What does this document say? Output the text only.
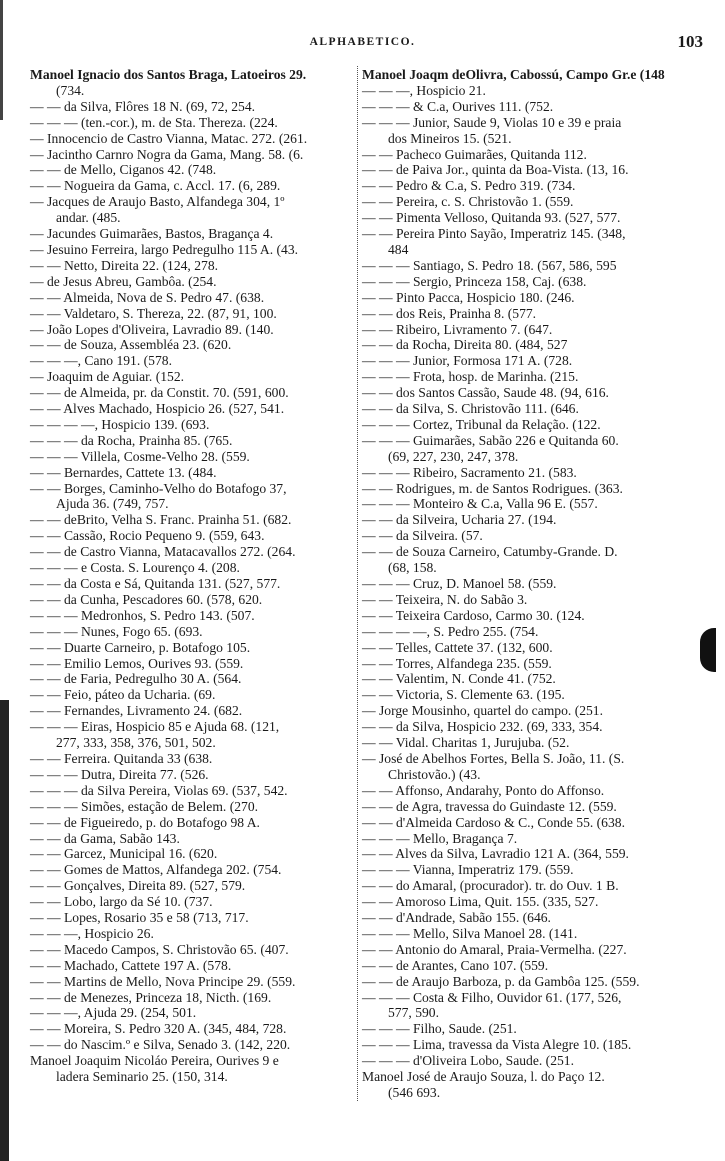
ALPHABETICO.	103
Manoel Ignacio dos Santos Braga, Latoeiros 29.
(734.
— — da Silva, Flôres 18 N. (69, 72, 254.
— — — (ten.-cor.), m. de Sta. Thereza. (224.
— Innocencio de Castro Vianna, Matac. 272. (261.
— Jacintho Carnro Nogra da Gama, Mang. 58. (6.
— — de Mello, Ciganos 42. (748.
— — Nogueira da Gama, c. Accl. 17. (6, 289.
— Jacques de Araujo Basto, Alfandega 304, 1º
andar. (485.
— Jacundes Guimarães, Bastos, Bragança 4.
— Jesuino Ferreira, largo Pedregulho 115 A. (43.
— — Netto, Direita 22. (124, 278.
— de Jesus Abreu, Gambôa. (254.
— — Almeida, Nova de S. Pedro 47. (638.
— — Valdetaro, S. Thereza, 22. (87, 91, 100.
— João Lopes d'Oliveira, Lavradio 89. (140.
— — de Souza, Assembléa 23. (620.
— — —, Cano 191. (578.
— Joaquim de Aguiar. (152.
— — de Almeida, pr. da Constit. 70. (591, 600.
— — Alves Machado, Hospicio 26. (527, 541.
— — — —, Hospicio 139. (693.
— — — da Rocha, Prainha 85. (765.
— — — Villela, Cosme-Velho 28. (559.
— — Bernardes, Cattete 13. (484.
— — Borges, Caminho-Velho do Botafogo 37,
Ajuda 36. (749, 757.
— — deBrito, Velha S. Franc. Prainha 51. (682.
— — Cassão, Rocio Pequeno 9. (559, 643.
— — de Castro Vianna, Matacavallos 272. (264.
— — — e Costa. S. Lourenço 4. (208.
— — da Costa e Sá, Quitanda 131. (527, 577.
— — da Cunha, Pescadores 60. (578, 620.
— — — Medronhos, S. Pedro 143. (507.
— — — Nunes, Fogo 65. (693.
— — Duarte Carneiro, p. Botafogo 105.
— — Emilio Lemos, Ourives 93. (559.
— — de Faria, Pedregulho 30 A. (564.
— — Feio, páteo da Ucharia. (69.
— — Fernandes, Livramento 24. (682.
— — — Eiras, Hospicio 85 e Ajuda 68. (121,
277, 333, 358, 376, 501, 502.
— — Ferreira. Quitanda 33 (638.
— — — Dutra, Direita 77. (526.
— — — da Silva Pereira, Violas 69. (537, 542.
— — — Simões, estação de Belem. (270.
— — de Figueiredo, p. do Botafogo 98 A.
— — da Gama, Sabão 143.
— — Garcez, Municipal 16. (620.
— — Gomes de Mattos, Alfandega 202. (754.
— — Gonçalves, Direita 89. (527, 579.
— — Lobo, largo da Sé 10. (737.
— — Lopes, Rosario 35 e 58 (713, 717.
— — —, Hospicio 26.
— — Macedo Campos, S. Christovão 65. (407.
— — Machado, Cattete 197 A. (578.
— — Martins de Mello, Nova Principe 29. (559.
— — de Menezes, Princeza 18, Nicth. (169.
— — —, Ajuda 29. (254, 501.
— — Moreira, S. Pedro 320 A. (345, 484, 728.
— — do Nascim.º e Silva, Senado 3. (142, 220.
Manoel Joaquim Nicoláo Pereira, Ourives 9 e
ladera Seminario 25. (150, 314.
Manoel Joaqm deOlivra, Cabossú, Campo Gr.e (148
— — —, Hospicio 21.
— — — & C.a, Ourives 111. (752.
— — — Junior, Saude 9, Violas 10 e 39 e praia
dos Mineiros 15. (521.
— — Pacheco Guimarães, Quitanda 112.
— — de Paiva Jor., quinta da Boa-Vista. (13, 16.
— — Pedro & C.a, S. Pedro 319. (734.
— — Pereira, c. S. Christovão 1. (559.
— — Pimenta Velloso, Quitanda 93. (527, 577.
— — Pereira Pinto Sayão, Imperatriz 145. (348,
484
— — — Santiago, S. Pedro 18. (567, 586, 595
— — — Sergio, Princeza 158, Caj. (638.
— — Pinto Pacca, Hospicio 180. (246.
— — dos Reis, Prainha 8. (577.
— — Ribeiro, Livramento 7. (647.
— — da Rocha, Direita 80. (484, 527
— — — Junior, Formosa 171 A. (728.
— — — Frota, hosp. de Marinha. (215.
— — dos Santos Cassão, Saude 48. (94, 616.
— — da Silva, S. Christovão 111. (646.
— — — Cortez, Tribunal da Relação. (122.
— — — Guimarães, Sabão 226 e Quitanda 60.
(69, 227, 230, 247, 378.
— — — Ribeiro, Sacramento 21. (583.
— — Rodrigues, m. de Santos Rodrigues. (363.
— — — Monteiro & C.a, Valla 96 E. (557.
— — da Silveira, Ucharia 27. (194.
— — da Silveira. (57.
— — de Souza Carneiro, Catumby-Grande. D.
(68, 158.
— — — Cruz, D. Manoel 58. (559.
— — Teixeira, N. do Sabão 3.
— — Teixeira Cardoso, Carmo 30. (124.
— — — —, S. Pedro 255. (754.
— — Telles, Cattete 37. (132, 600.
— — Torres, Alfandega 235. (559.
— — Valentim, N. Conde 41. (752.
— — Victoria, S. Clemente 63. (195.
— Jorge Mousinho, quartel do campo. (251.
— — da Silva, Hospicio 232. (69, 333, 354.
— — Vidal. Charitas 1, Jurujuba. (52.
— José de Abelhos Fortes, Bella S. João, 11. (S.
Christovão.) (43.
— — Affonso, Andarahy, Ponto do Affonso.
— — de Agra, travessa do Guindaste 12. (559.
— — d'Almeida Cardoso & C., Conde 55. (638.
— — — Mello, Bragança 7.
— — Alves da Silva, Lavradio 121 A. (364, 559.
— — — Vianna, Imperatriz 179. (559.
— — do Amaral, (procurador). tr. do Ouv. 1 B.
— — Amoroso Lima, Quit. 155. (335, 527.
— — d'Andrade, Sabão 155. (646.
— — — Mello, Silva Manoel 28. (141.
— — Antonio do Amaral, Praia-Vermelha. (227.
— — de Arantes, Cano 107. (559.
— — de Araujo Barboza, p. da Gambôa 125. (559.
— — — Costa & Filho, Ouvidor 61. (177, 526,
577, 590.
— — — Filho, Saude. (251.
— — — Lima, travessa da Vista Alegre 10. (185.
— — — d'Oliveira Lobo, Saude. (251.
Manoel José de Araujo Souza, l. do Paço 12.
(546 693.
